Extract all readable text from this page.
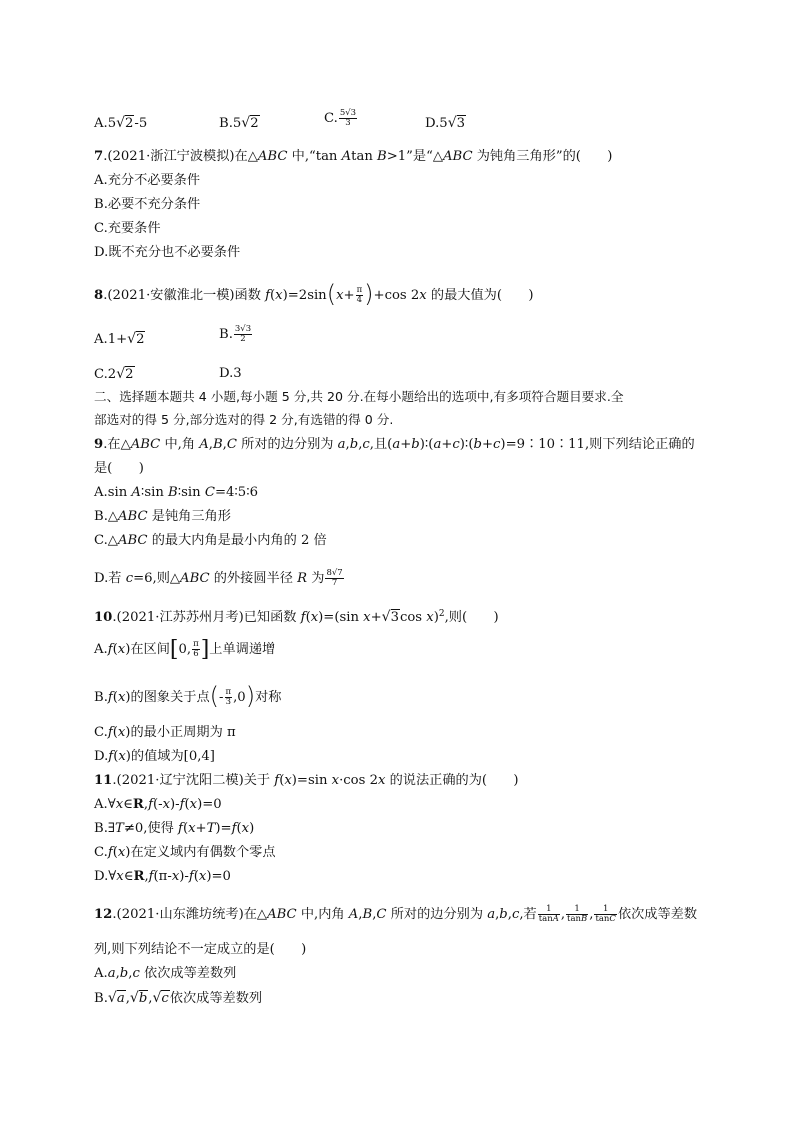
A.5√2-5	B.5√2	C. $\frac{5√3}{3}$	D.5√3
7.(2021·浙江宁波模拟)在△ABC 中,“tan Atan B>1”是“△ABC 为钝角三角形”的(　　)
A.充分不必要条件
B.必要不充分条件
C.充要条件
D.既不充分也不必要条件
8.(2021·安徽淮北一模)函数 $f(x)=2\sin(x+ \frac{\pi}{4} )+\cos$ 2x 的最大值为(　　)
A.1+√2	B. $\frac{3√3}{2}$
C.2√2	D.3
二、选择题本题共 4 小题,每小题 5 分,共 20 分.在每小题给出的选项中,有多项符合题目要求.全
部选对的得 5 分,部分选对的得 2 分,有选错的得 0 分.
9.在△ABC 中,角 A,B,C 所对的边分别为 a,b,c,且(a+b)∶(a+c)∶(b+c)=9∶10∶11,则下列结论正确的
是(　　)
A.sin A∶sin B∶sin C=4∶5∶6
B.△ABC 是钝角三角形
C.△ABC 的最大内角是最小内角的 2 倍
D.若 c=6,则△ABC 的外接圆半径 R 为 $\frac{8√7}{7}$
10.(2021·江苏苏州月考)已知函数 f(x)=(sin x+√3cos x)$^2$,则(　　)
A.f(x)在区间[0, $\frac{\pi}{6}$ ]上单调递增
B.f(x)的图象关于点(- $\frac{\pi}{3} ,0$)对称
C.f(x)的最小正周期为 π
D.f(x)的值域为[0,4]
11.(2021·辽宁沈阳二模)关于 f(x)=sin x·cos 2x 的说法正确的为(　　)
A.∀x∈R,f(-x)-f(x)=0
B.∃T≠0,使得 f(x+T)=f(x)
C.f(x)在定义域内有偶数个零点
D.∀x∈R,f(π-x)-f(x)=0
12.(2021·山东潍坊统考)在△ABC 中,内角 A,B,C 所对的边分别为 a,b,c,若 $\frac{1}{\tan A}$ , $\frac{1}{\tan B}$ , $\frac{1}{\tan C}$ 依次成等差数
列,则下列结论不一定成立的是(　　)
A.a,b,c 依次成等差数列
B.√a,√b,√c依次成等差数列
